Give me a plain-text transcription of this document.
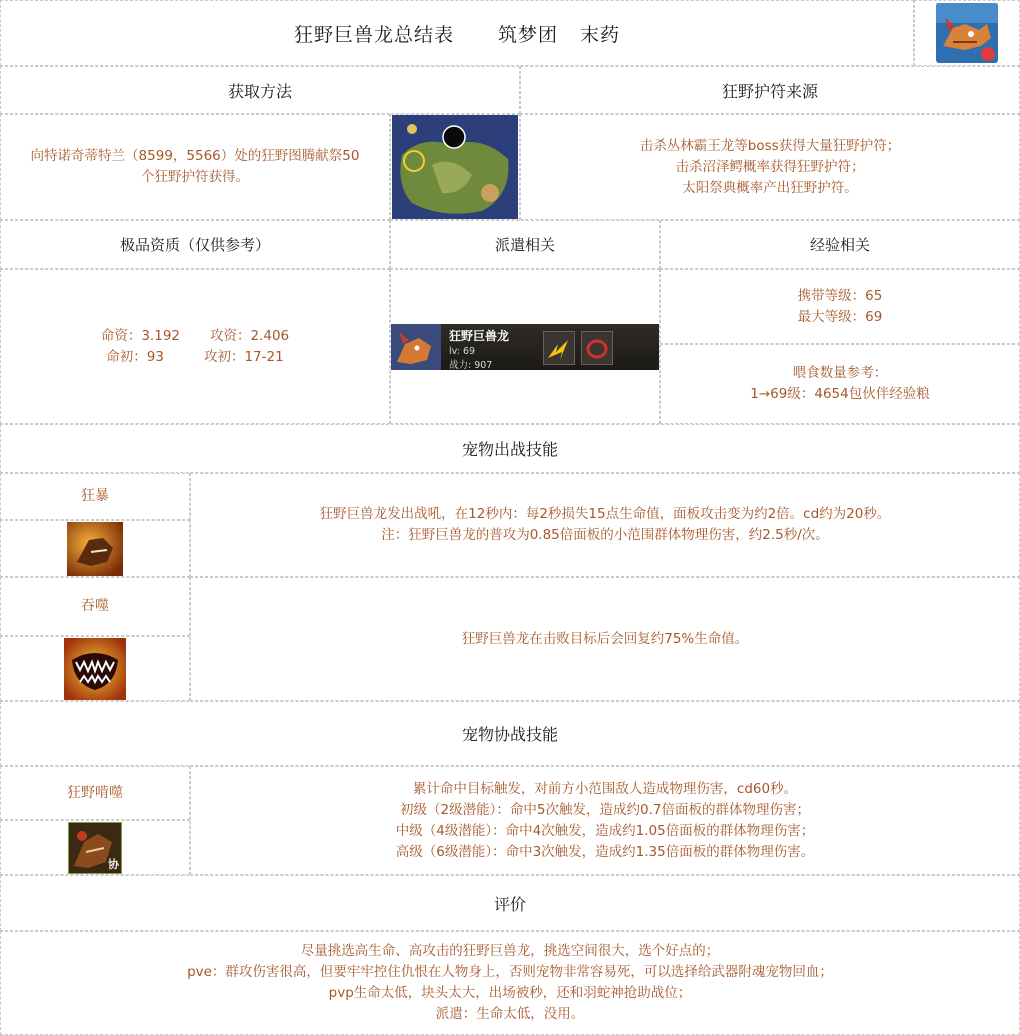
狂野巨兽龙总结表 筑梦团 末药
获取方法	狂野护符来源
向特诺奇蒂特兰（8599，5566）处的狂野图腾献祭50
个狂野护符获得。
击杀丛林霸王龙等boss获得大量狂野护符；
击杀沼泽鳄概率获得狂野护符；
太阳祭典概率产出狂野护符。
极品资质（仅供参考）	派遣相关	经验相关
命资：3.192 攻资：2.406
命初：93	攻初：17-21
狂野巨兽龙
lv: 69
战力: 907
携带等级：65
最大等级：69
喂食数量参考：
1→69级：4654包伙伴经验粮
宠物出战技能
狂暴
狂野巨兽龙发出战吼，在12秒内：每2秒损失15点生命值，面板攻击变为约2倍。cd约为20秒。
注：狂野巨兽龙的普攻为0.85倍面板的小范围群体物理伤害，约2.5秒/次。
吞噬
狂野巨兽龙在击败目标后会回复约75%生命值。
宠物协战技能
狂野啃噬
协
累计命中目标触发，对前方小范围敌人造成物理伤害，cd60秒。
初级（2级潜能）：命中5次触发，造成约0.7倍面板的群体物理伤害；
中级（4级潜能）：命中4次触发，造成约1.05倍面板的群体物理伤害；
高级（6级潜能）：命中3次触发，造成约1.35倍面板的群体物理伤害。
评价
尽量挑选高生命、高攻击的狂野巨兽龙，挑选空间很大，选个好点的；
pve：群攻伤害很高，但要牢牢控住仇恨在人物身上，否则宠物非常容易死，可以选择给武器附魂宠物回血；
pvp生命太低，块头太大，出场被秒，还和羽蛇神抢助战位；
派遣：生命太低，没用。
